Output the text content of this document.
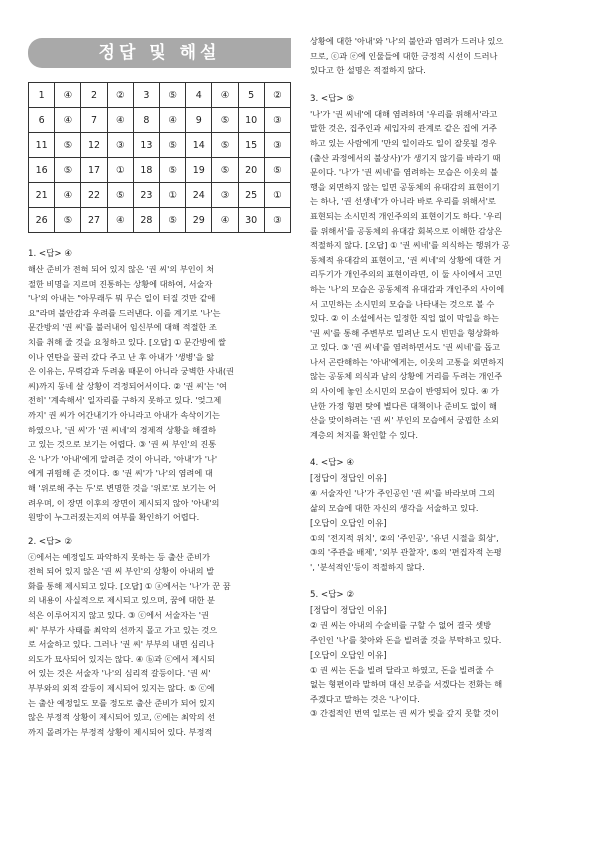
정답 및 해설
1	④	2	②	3	⑤	4	④	5	②
6	④	7	④	8	④	9	⑤	10	③
11	⑤	12	③	13	⑤	14	⑤	15	③
16	⑤	17	①	18	⑤	19	⑤	20	⑤
21	④	22	⑤	23	①	24	③	25	①
26	⑤	27	④	28	⑤	29	④	30	③

1. <답> ④

해산 준비가 전혀 되어 있지 않은 '권 씨'의 부인이 처

절한 비명을 지르며 진통하는 상황에 대하여, 서술자

'나'의 아내는 "아무래두 뭐 무슨 일이 터질 것만 같애

요"라며 불안감과 우려를 드러낸다. 이를 계기로 '나'는

문간방의 '권 씨'를 불러내어 임신부에 대해 적절한 조

치를 취해 줄 것을 요청하고 있다. [오답] ① 문간방에 쌀

이나 연탄을 꿀러 갔다 주고 난 후 아내가 '생병'을 앓

은 이유는, 무력감과 두려움 때문이 아니라 궁벽한 사내(권

씨)까지 동네 살 상황이 걱정되어서이다. ② '권 씨'는 '여

전히' '계속해서' 일자리를 구하지 못하고 있다. '엊그제

까지' 권 씨가 어간내기가 아니라고 아내가 속삭이기는

하였으나, '권 씨'가 '권 씨네'의 경제적 상황을 해결하

고 있는 것으로 보기는 어렵다. ③ '권 씨 부인'의 진통

은 '나'가 '아내'에게 알려준 것이 아니라, '아내'가 '나'

에게 귀띔해 준 것이다. ⑤ '권 씨'가 '나'의 염려에 대

해 '위로해 주는 두'로 변명한 것을 '위로'로 보기는 어

려우며, 이 장면 이후의 장면이 제시되지 않아 '아내'의

원망이 누그러졌는지의 여부를 확인하기 어렵다.

2. <답> ②

ⓒ에서는 예정일도 파악하지 못하는 등 출산 준비가

전혀 되어 있지 않은 '권 씨 부인'의 상황이 아내의 발

화를 통해 제시되고 있다. [오답] ① ⓐ에서는 '나'가 꾼 꿈

의 내용이 사실적으로 제시되고 있으며, 꿈에 대한 분

석은 이루어지지 않고 있다. ③ ⓒ에서 서술자는 '권

씨' 부부가 사태를 최악의 선까지 몰고 가고 있는 것으

로 서술하고 있다. 그러나 '권 씨' 부부의 내면 심리나

의도가 묘사되어 있지는 않다. ④ ⓑ과 ⓒ에서 제시되

어 있는 것은 서술자 '나'의 심리적 갈등이다. '권 씨'

부부와의 외적 갈등이 제시되어 있지는 않다. ⑤ ⓒ에

는 출산 예정일도 모를 정도로 출산 준비가 되어 있지

않은 부정적 상황이 제시되어 있고, ⓔ에는 최악의 선

까지 몰려가는 부정적 상황이 제시되어 있다. 부정적

상황에 대한 '아내'와 '나'의 불안과 염려가 드러나 있으

므로, ⓒ과 ⓔ에 인물들에 대한 긍정적 시선이 드러나

있다고 한 설명은 적절하지 않다.

3. <답> ⑤

'나'가 '권 씨네'에 대해 염려하며 '우리를 위해서'라고

말한 것은, 집주인과 세입자의 관계로 같은 집에 거주

하고 있는 사람에게 '만의 일이라도 일이 잘못될 경우

(출산 과정에서의 불상사)'가 생기지 않기를 바라기 때

문이다. '나'가 '권 씨네'를 염려하는 모습은 이웃의 불

행을 외면하지 않는 일면 공동체의 유대감의 표현이기

는 하나, '권 선생네'가 아니라 바로 우리를 위해서'로

표현되는 소시민적 개인주의의 표현이기도 하다. '우리

를 위해서'를 공동체의 유대감 회복으로 이해한 감상은

적절하지 않다. [오답] ① '권 씨네'를 의식하는 행위가 공

동체적 유대감의 표현이고, '권 씨네'의 상황에 대한 거

리두기가 개인주의의 표현이라면, 이 둘 사이에서 고민

하는 '나'의 모습은 공동체적 유대감과 개인주의 사이에

서 고민하는 소시민의 모습을 나타내는 것으로 볼 수

있다. ② 이 소설에서는 일정한 직업 없이 막일을 하는

'권 씨'를 통해 주변부로 밀려난 도시 빈민을 형상화하

고 있다. ③ '권 씨네'를 염려하면서도 '권 씨네'를 돕고

나서 곤란해하는 '아내'에게는, 이웃의 고통을 외면하지

않는 공동체 의식과 남의 상황에 거리를 두려는 개인주

의 사이에 놓인 소시민의 모습이 반영되어 있다. ④ 가

난한 가정 형편 탓에 별다른 대책이나 준비도 없이 해

산을 맞이하려는 '권 씨' 부인의 모습에서 궁핍한 소외

계층의 처지를 확인할 수 있다.

4. <답> ④

[정답이 정답인 이유]

④ 서술자인 '나'가 주인공인 '권 씨'를 바라보며 그의

삶의 모습에 대한 자신의 생각을 서술하고 있다.

[오답이 오답인 이유]

①의 '전지적 위치', ②의 '주인공', '유년 시절을 회상',

③의 '주관을 배제', '외부 관찰자', ⑤의 '편집자적 논평

', '분석적인'등이 적절하지 않다.

5. <답> ②

[정답이 정답인 이유]

② 권 씨는 아내의 수술비를 구할 수 없어 결국 셋방

주인인 '나'를 찾아와 돈을 빌려줄 것을 부탁하고 있다.

[오답이 오답인 이유]

① 권 씨는 돈을 빌려 달라고 하였고, 돈을 빌려줄 수

없는 형편이라 말하며 대신 보증을 서겠다는 전화는 해

주겠다고 말하는 것은 '나'이다.

③ 간접적인 번역 일로는 권 씨가 빚을 갚지 못할 것이
